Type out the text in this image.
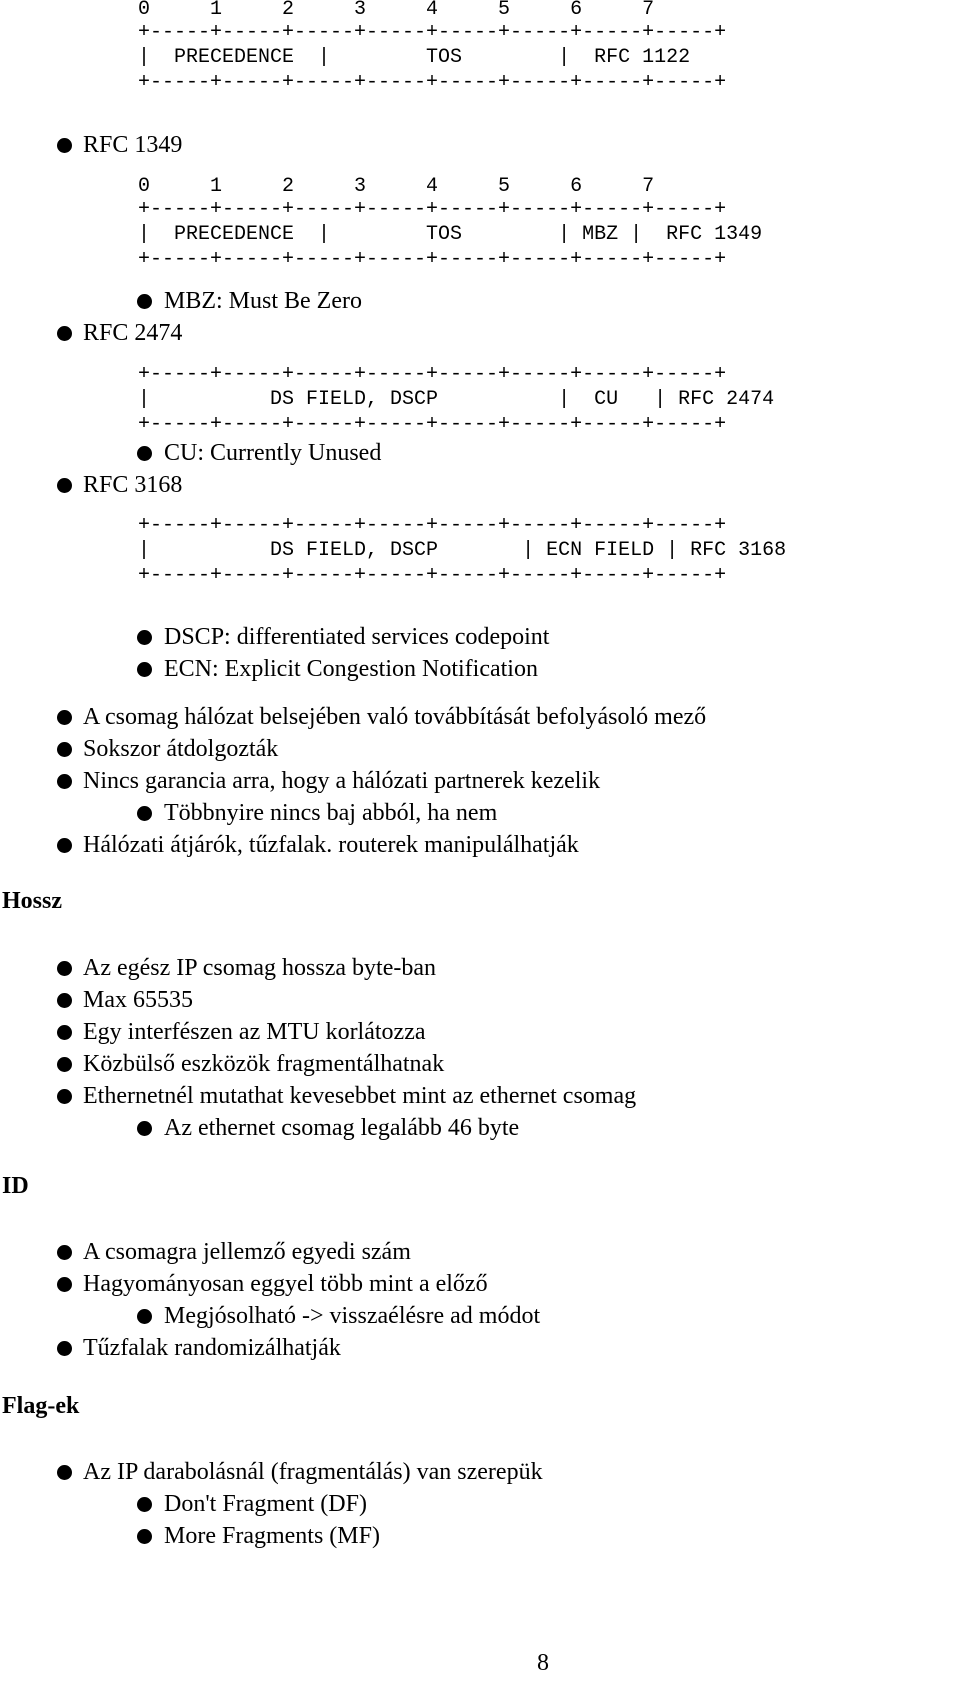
0     1     2     3     4     5     6     7
+-----+-----+-----+-----+-----+-----+-----+-----+
|  PRECEDENCE  |        TOS        |  RFC 1122
+-----+-----+-----+-----+-----+-----+-----+-----+
RFC 1349
0     1     2     3     4     5     6     7
+-----+-----+-----+-----+-----+-----+-----+-----+
|  PRECEDENCE  |        TOS        | MBZ |  RFC 1349
+-----+-----+-----+-----+-----+-----+-----+-----+
MBZ: Must Be Zero
RFC 2474
+-----+-----+-----+-----+-----+-----+-----+-----+
|          DS FIELD, DSCP          |  CU   | RFC 2474
+-----+-----+-----+-----+-----+-----+-----+-----+
CU: Currently Unused
RFC 3168
+-----+-----+-----+-----+-----+-----+-----+-----+
|          DS FIELD, DSCP       | ECN FIELD | RFC 3168
+-----+-----+-----+-----+-----+-----+-----+-----+
DSCP: differentiated services codepoint
ECN: Explicit Congestion Notification
A csomag hálózat belsejében való továbbítását befolyásoló mező
Sokszor átdolgozták
Nincs garancia arra, hogy a hálózati partnerek kezelik
Többnyire nincs baj abból, ha nem
Hálózati átjárók, tűzfalak. routerek manipulálhatják
Hossz
Az egész IP csomag hossza byte-ban
Max 65535
Egy interfészen az MTU korlátozza
Közbülső eszközök fragmentálhatnak
Ethernetnél mutathat kevesebbet mint az ethernet csomag
Az ethernet csomag legalább 46 byte
ID
A csomagra jellemző egyedi szám
Hagyományosan eggyel több mint a előző
Megjósolható -> visszaélésre ad módot
Tűzfalak randomizálhatják
Flag-ek
Az IP darabolásnál (fragmentálás) van szerepük
Don't Fragment (DF)
More Fragments (MF)
8
